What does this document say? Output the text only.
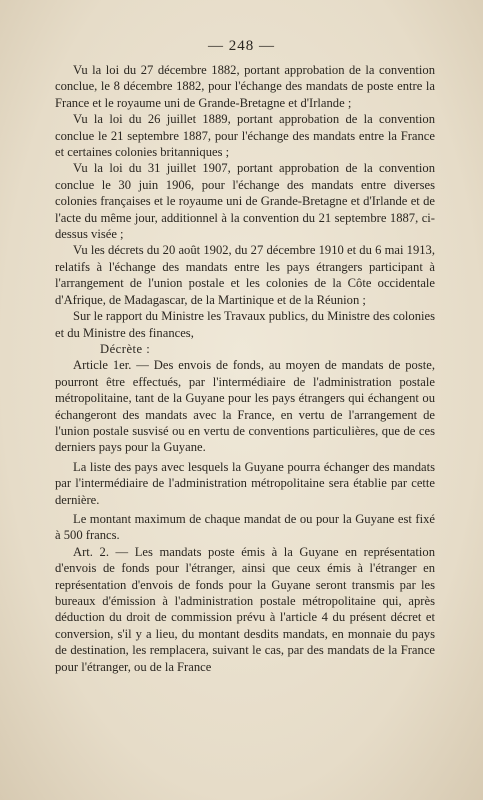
— 248 —

Vu la loi du 27 décembre 1882, portant approbation de la convention conclue, le 8 décembre 1882, pour l'échange des mandats de poste entre la France et le royaume uni de Grande-Bretagne et d'Irlande ;

Vu la loi du 26 juillet 1889, portant approbation de la convention conclue le 21 septembre 1887, pour l'échange des mandats entre la France et certaines colonies britanniques ;

Vu la loi du 31 juillet 1907, portant approbation de la convention conclue le 30 juin 1906, pour l'échange des mandats entre diverses colonies françaises et le royaume uni de Grande-Bretagne et d'Irlande et de l'acte du même jour, additionnel à la convention du 21 septembre 1887, ci-dessus visée ;

Vu les décrets du 20 août 1902, du 27 décembre 1910 et du 6 mai 1913, relatifs à l'échange des mandats entre les pays étrangers participant à l'arrangement de l'union postale et les colonies de la Côte occidentale d'Afrique, de Madagascar, de la Martinique et de la Réunion ;

Sur le rapport du Ministre les Travaux publics, du Ministre des colonies et du Ministre des finances,

Décrète :

Article 1er. — Des envois de fonds, au moyen de mandats de poste, pourront être effectués, par l'intermédiaire de l'administration postale métropolitaine, tant de la Guyane pour les pays étrangers qui échangent ou échangeront des mandats avec la France, en vertu de l'arrangement de l'union postale susvisé ou en vertu de conventions particulières, que de ces derniers pays pour la Guyane.

La liste des pays avec lesquels la Guyane pourra échanger des mandats par l'intermédiaire de l'administration métropolitaine sera établie par cette dernière.

Le montant maximum de chaque mandat de ou pour la Guyane est fixé à 500 francs.

Art. 2. — Les mandats poste émis à la Guyane en représentation d'envois de fonds pour l'étranger, ainsi que ceux émis à l'étranger en représentation d'envois de fonds pour la Guyane seront transmis par les bureaux d'émission à l'administration postale métropolitaine qui, après déduction du droit de commission prévu à l'article 4 du présent décret et conversion, s'il y a lieu, du montant desdits mandats, en monnaie du pays de destination, les remplacera, suivant le cas, par des mandats de la France pour l'étranger, ou de la France
